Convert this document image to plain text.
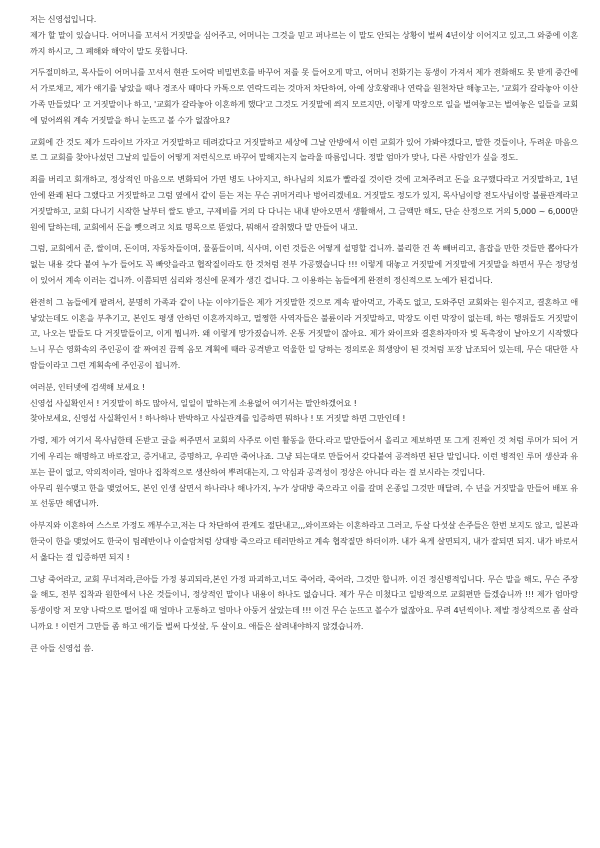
저는 신영섭입니다.
제가 할 말이 있습니다. 어머니를 꼬셔서 거짓말을 심어주고, 어머니는 그것을 믿고 퍼나르는 이 말도 안되는 상황이 벌써 4년이상 이어지고 있고,그 와중에 이혼까지 하시고, 그 폐해와 해악이 말도 못합니다.

거두절미하고, 목사들이 어머니를 꼬셔서 현관 도어락 비밀번호를 바꾸어 저를 못 들어오게 막고, 어머니 전화기는 동생이 가져서 제가 전화해도 못 받게 중간에서 가로채고, 제가 얘기를 낳았을 때나 경조사 때마다 카톡으로 연락드리는 것마저 차단하여, 아예 상호왕래나 연락을 원천차단 해놓고는, '교회가 갈라놓아 이산가족 만들었다' 고 거짓말이나 하고, '교회가 갈라놓아 이혼하게 했다'고 그것도 거짓말에 씌지 모르지만, 이렇게 막장으로 일을 벌여놓고는 벌여놓은 일들을 교회에 덮어씌워 계속 거짓말을 하니 눈뜨고 볼 수가 없잖아요?

교회에 간 것도 제가 드라이브 가자고 거짓말하고 데려갔다고 거짓말하고 세상에 그날 안방에서 이런 교회가 있어 가봐야겠다고, 말한 것들이나, 두려운 마음으로 그 교회를 찾아나섰던 그날의 일들이 어떻게 저런식으로 바꾸어 말해지는지 놀라울 따름입니다. 정말 엄마가 맞나, 다른 사람인가 싶을 정도.

죄를 버리고 회개하고, 정상적인 마음으로 변화되어 가면 병도 나아지고, 하나님의 치료가 빨라질 것이란 것에 고쳐주려고 돈을 요구했다라고 거짓말하고, 1년 안에 완쾌 된다 그랬다고 거짓말하고 그럼 옆에서 같이 듣는 저는 무슨 귀머거리나 벙어리겠네요. 거짓말도 정도가 있지, 목사님이랑 전도사님이랑 불륜관계라고 거짓말하고, 교회 다니기 시작한 날부터 쌀도 받고, 구제비를 거의 다 다니는 내내 받아오면서 생활해서, 그 금액만 해도, 단순 산정으로 거의 5,000 ~ 6,000만원에 달하는데, 교회에서 돈을 뺏으려고 치료 명목으로 뜯었다, 뭐해서 갈취했다 말 만들어 내고.

그럼, 교회에서 준, 쌀이며, 돈이며, 자동차들이며, 물품들이며, 식사며, 이런 것들은 어떻게 설명할 겁니까. 불리한 건 쏙 빼버리고, 흠잡을 만한 것들만 뽑아다가 없는 내용 갖다 붙여 누가 들어도 꼭 빠앗을라고 협작질이라도 한 것처럼 전부 가공했습니다 !!! 이렇게 대놓고 거짓말에 거짓말에 거짓말을 하면서 무슨 정당성이 있어서 계속 이러는 겁니까. 이쯤되면 심리와 정신에 문제가 생긴 겁니다. 그 이용하는 놈들에게 완전히 정신적으로 노예가 된겁니다.

완전히 그 놈들에게 팔려서, 분명히 가족과 같이 나눈 이야기들은 제가 거짓말한 것으로 계속 팔아먹고, 가족도 없고, 도와주던 교회와는 원수지고, 결혼하고 애 낳았는데도 이혼을 부추기고, 본인도 평생 안하던 이혼까지하고, 멀쩡한 사역자들은 불륜이라 거짓말하고, 막장도 이런 막장이 없는데, 하는 행위들도 거짓말이고, 나오는 말들도 다 거짓말들이고, 이게 뭡니까. 왜 이렇게 망가졌습니까. 온통 거짓말이 잖아요. 제가 와이프와 결혼하자마자 빚 독촉장이 날아오기 시작했다느니 무슨 영화속의 주인공이 잘 짜여진 끔찍 음모 계획에 때라 공격받고 억울한 일 당하는 정의로운 희생양이 된 것처럼 포장 납조되어 있는데, 무슨 대단한 사람들이라고 그런 계획속에 주인공이 됩니까.

여러분, 인터넷에 검색해 보세요 !
신영섭 사실확인서 ! 거짓말이 하도 많아서, 일일이 말하는게 소용없어 여기서는 말안하겠어요 !
찾아보세요, 신영섭 사실확인서 ! 하나하나 반박하고 사실관계를 입증하면 뭐하나 ! 또 거짓말 하면 그만인데 !

가령, 제가 여기서 목사님한테 돈받고 글을 써주면서 교회의 사주로 이런 활동을 한다.라고 말만들어서 올리고 제보하면 또 그게 진짜인 것 처럼 루머가 되어 거기에 우리는 해명하고 바로잡고, 증거내고, 증명하고, 우리만 죽어나죠. 그냥 되는대로 만들어서 갖다붙여 공격하면 된단 말입니다. 이런 병적인 루머 생산과 유포는 끝이 없고, 악의적이라, 얼마나 집착적으로 생산하여 뿌려대는지, 그 악심과 공격성이 정상은 아니다 라는 걸 보시라는 것입니다.
아무리 원수맺고 한을 맺었어도, 본인 인생 살면서 하나라나 해나가지, 누가 상대방 죽으라고 이를 갈며 온종일 그것만 매달려, 수 년을 거짓말을 만들어 배포 유포 선동만 해댑니까.

아부지와 이혼하여 스스로 가정도 깨부수고,저는 다 차단하여 관계도 절단내고,,,와이프와는 이혼하라고 그러고, 두살 다섯살 손주들은 한번 보지도 않고, 일본과 한국이 한을 맺었어도 한국이 팀레반이나 이슬람처럼 상대방 죽으라고 테러만하고 계속 협작질만 하더이까. 내가 욕게 살면되지, 내가 잘되면 되지. 내가 바로서서 옳다는 걸 입증하면 되지 !

그냥 죽어라고, 교회 무너져라,큰아들 가정 붕괴되라,본인 가정 파괴하고,너도 죽어라, 죽어라, 그것만 합니까. 이건 정신병적입니다. 무슨 말을 해도, 무슨 주장을 해도, 전부 집착과 원한에서 나온 것들이니, 정상적인 말이나 내용이 하나도 없습니다. 제가 무슨 미쳤다고 일방적으로 교회편만 들겠습니까 !!! 제가 엄마랑 동생이랑 저 모양 나락으로 떨어질 때 얼마나 고통하고 얼마나 아둥거 살았는데 !!! 이건 무슨 눈뜨고 볼수가 없잖아요. 무려 4년씩이나. 제발 정상적으로 좀 살라니까요 ! 이런거 그만들 좀 하고 애기들 벌써 다섯살, 두 살이요. 애들은 살려내야하지 않겠습니까.

큰 아들 신영섭 씀.
